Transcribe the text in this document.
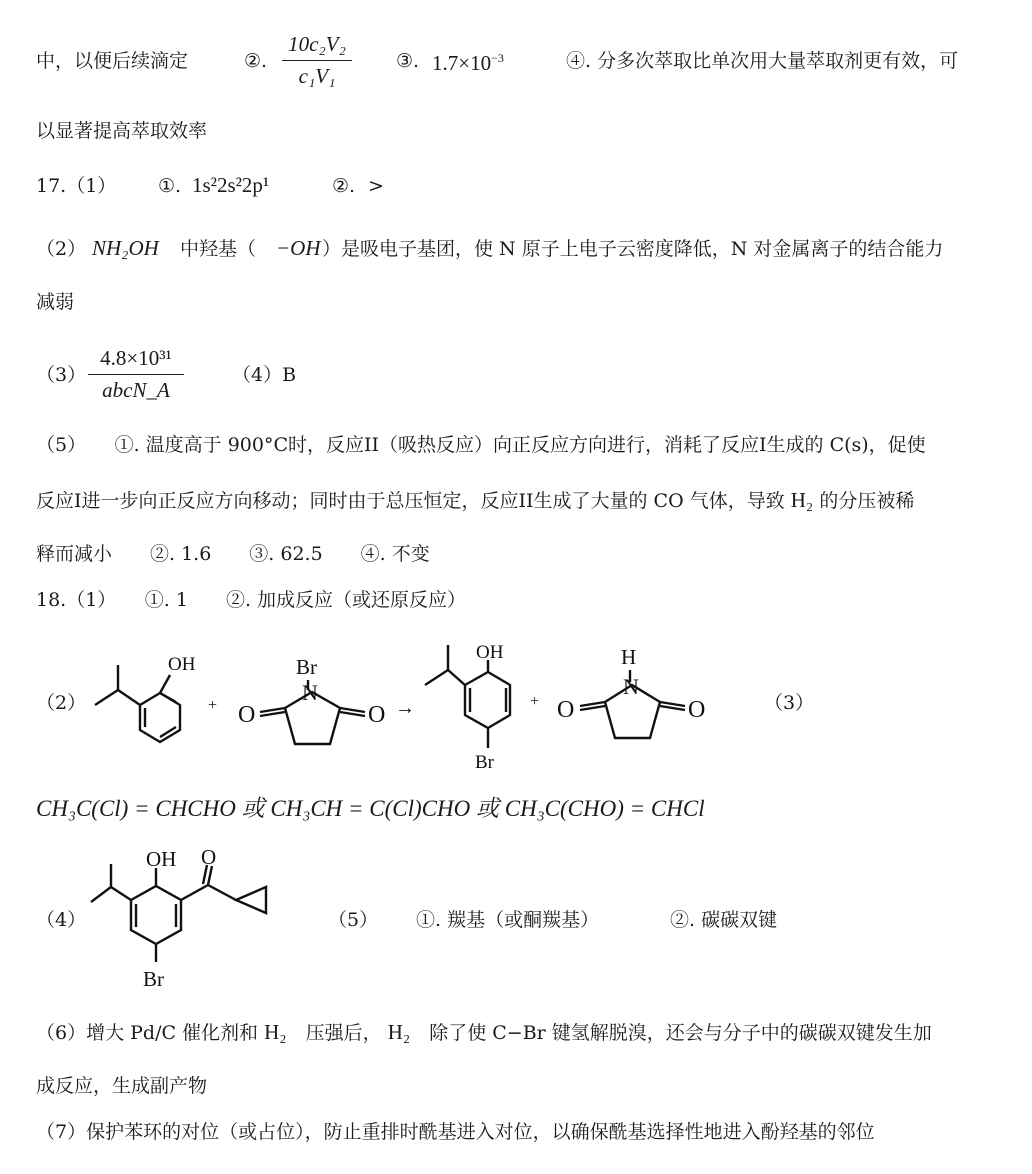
中，以便后续滴定	②.
10c₂V₂
c₁V₁
③. $1.7\times 10^{-3}$	④. 分多次萃取比单次用大量萃取剂更有效，可
以显著提高萃取效率
17.（1） ①. 1s²2s²2p¹	②. >
（2） NH₂OH 中羟基（ −OH ）是吸电子基团，使 N 原子上电子云密度降低，N 对金属离子的结合能力
减弱
（3）
4.8×10³¹
abcN_A
（4）B
（5）　　①. 温度高于 900°C时，反应II（吸热反应）向正反应方向进行，消耗了反应I生成的 C(s)，促使
反应I进一步向正反应方向移动；同时由于总压恒定，反应II生成了大量的 CO 气体，导致 H₂ 的分压被稀
释而减小　　②. 1.6　　③. 62.5　　④. 不变
18.（1）　　①. 1　　②. 加成反应（或还原反应）
（2）
OH
+
Br
N
O	O →
OH
Br
+
H
N
O	O	（3）
CH₃C(Cl) = CHCHO 或 CH₃CH = C(Cl)CHO 或 CH₃C(CHO) = CHCl
（4）
OH O
Br
（5） ①. 羰基（或酮羰基）	②. 碳碳双键
（6）增大 Pd/C 催化剂和 H₂　 压强后， H₂　 除了使 C−Br 键氢解脱溴，还会与分子中的碳碳双键发生加
成反应，生成副产物
（7）保护苯环的对位（或占位），防止重排时酰基进入对位，以确保酰基选择性地进入酚羟基的邻位
